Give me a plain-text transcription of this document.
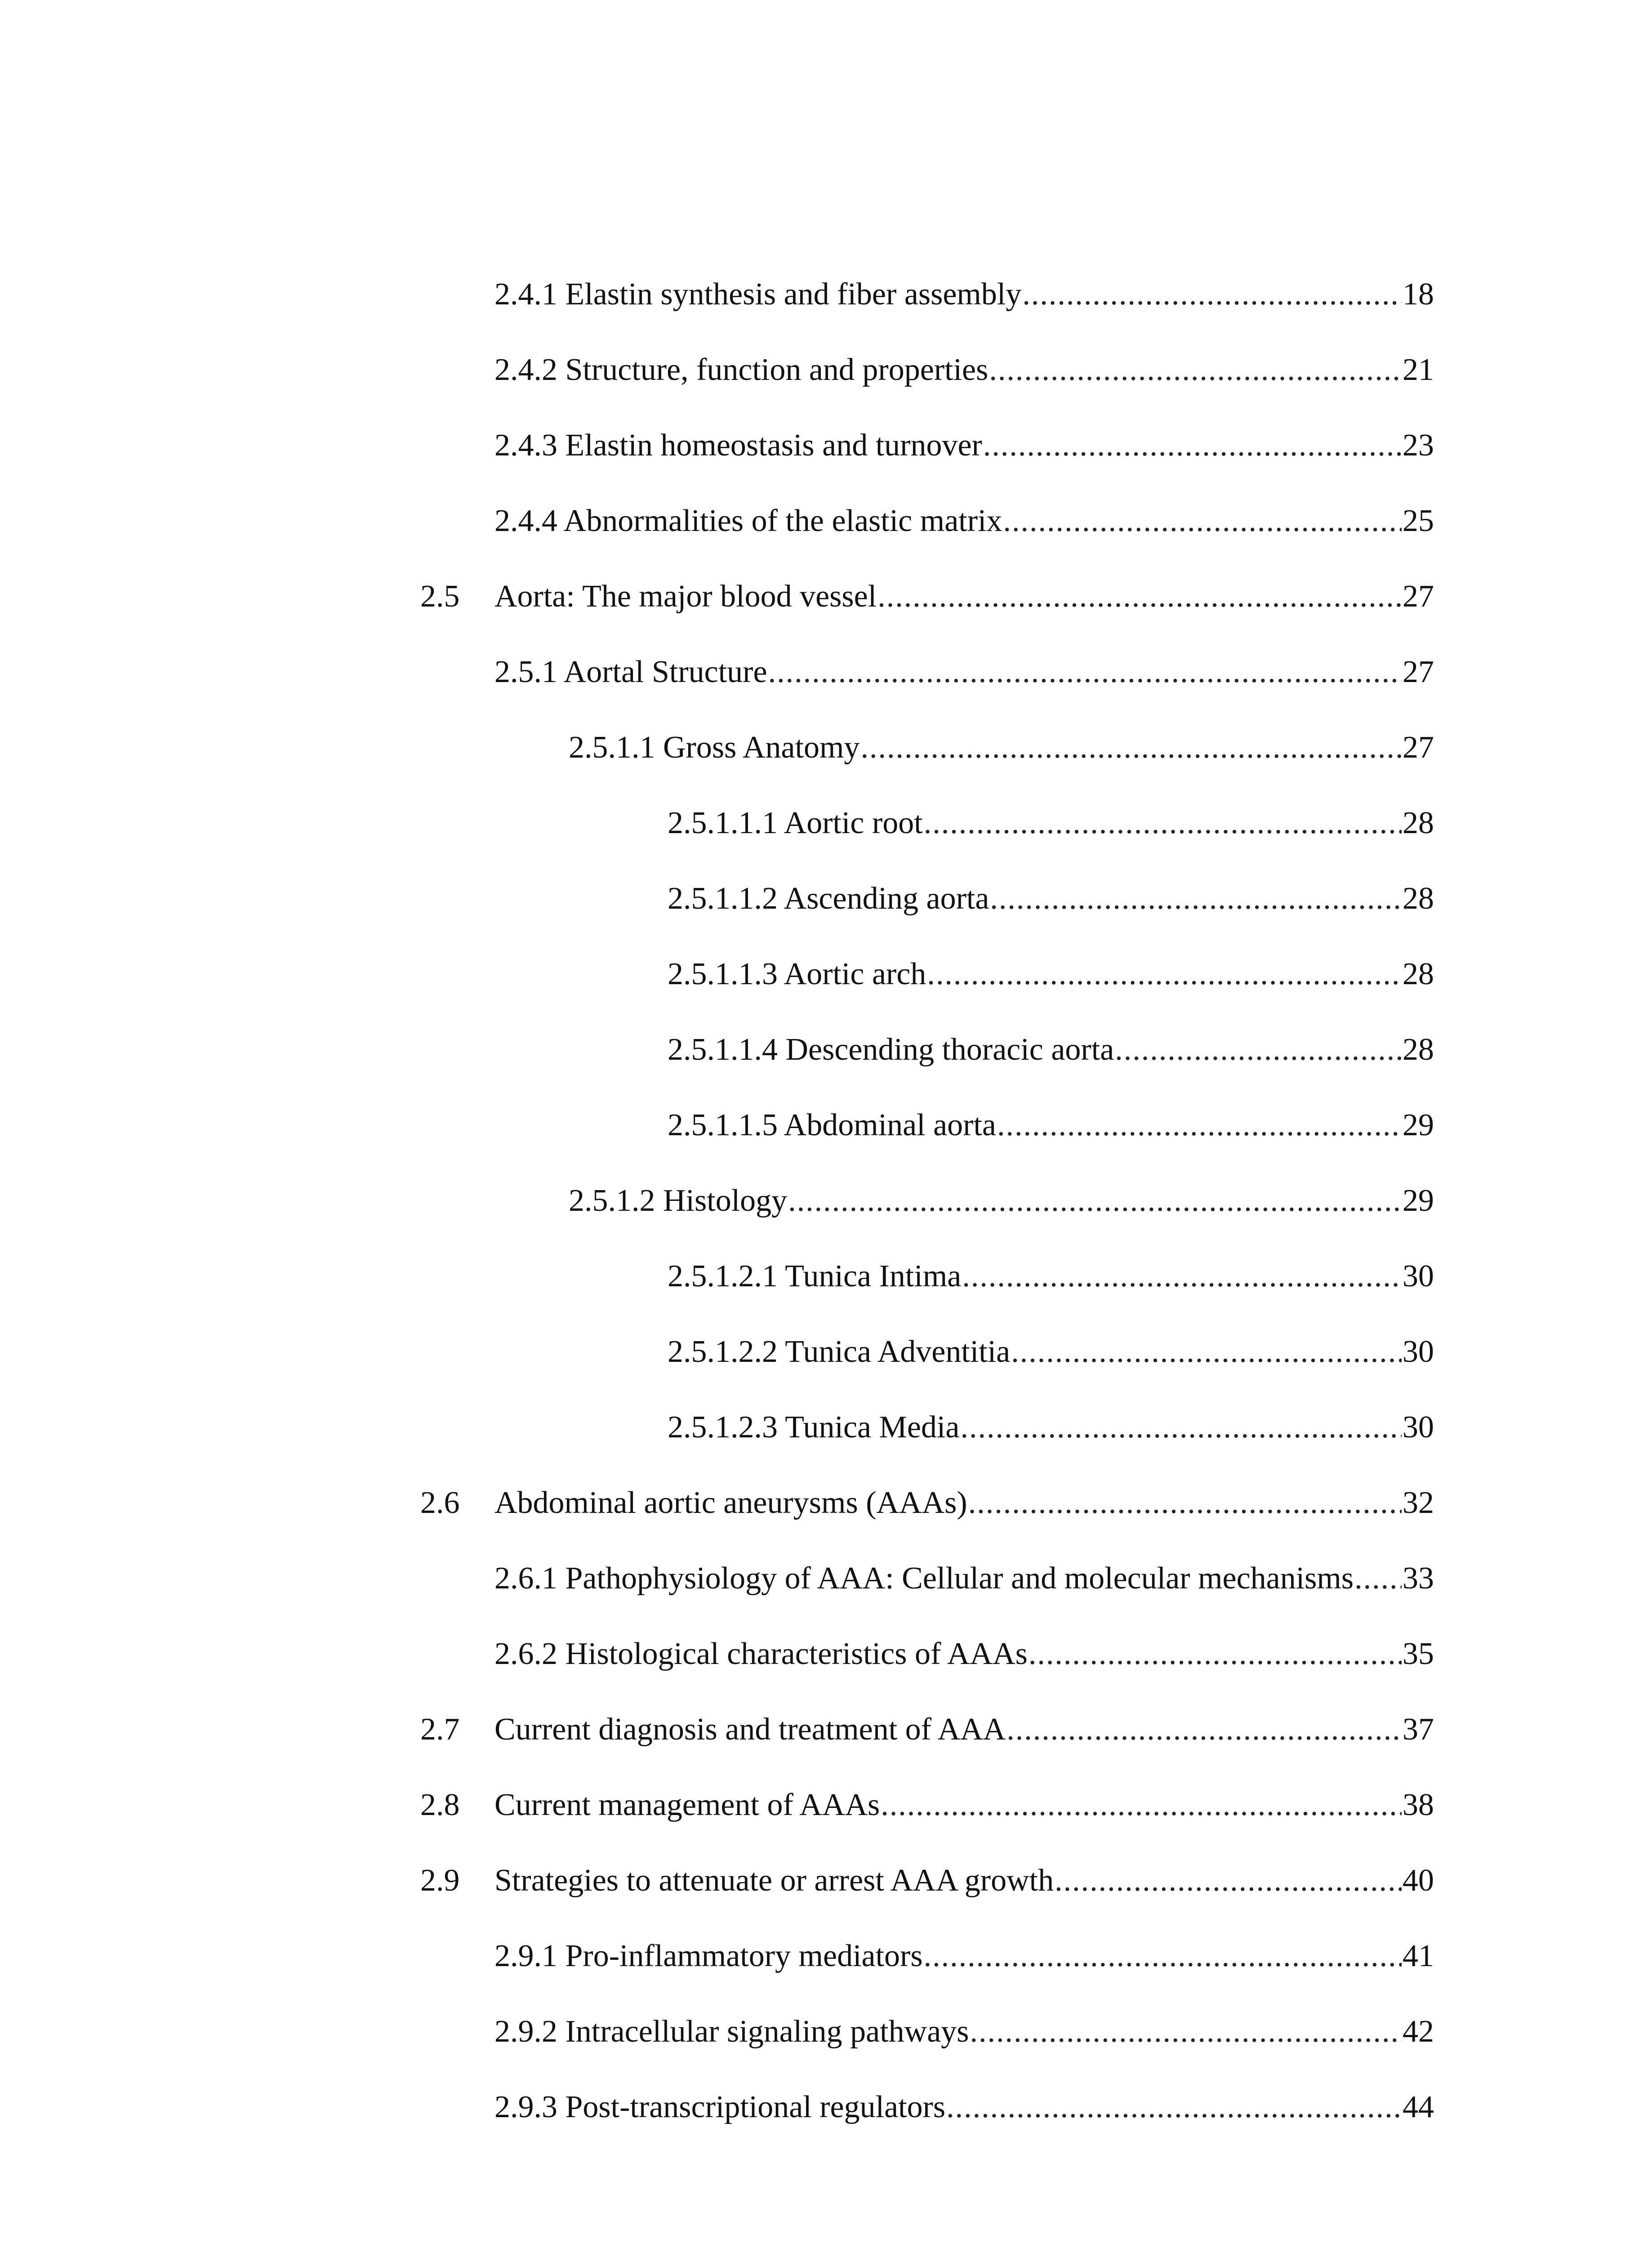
2.4.1 Elastin synthesis and fiber assembly .....	18
2.4.2 Structure, function and properties .....	21
2.4.3 Elastin homeostasis and turnover .....	23
2.4.4 Abnormalities of the elastic matrix .....	25
2.5 Aorta: The major blood vessel .....	27
2.5.1 Aortal Structure .....	27
2.5.1.1 Gross Anatomy .....	27
2.5.1.1.1 Aortic root .....	28
2.5.1.1.2 Ascending aorta .....	28
2.5.1.1.3 Aortic arch .....	28
2.5.1.1.4 Descending thoracic aorta .....	28
2.5.1.1.5 Abdominal aorta .....	29
2.5.1.2 Histology .....	29
2.5.1.2.1 Tunica Intima .....	30
2.5.1.2.2 Tunica Adventitia .....	30
2.5.1.2.3 Tunica Media .....	30
2.6 Abdominal aortic aneurysms (AAAs) .....	32
2.6.1 Pathophysiology of AAA: Cellular and molecular mechanisms ..... 33
2.6.2 Histological characteristics of AAAs .....	35
2.7 Current diagnosis and treatment of AAA .....	37
2.8 Current management of AAAs .....	38
2.9 Strategies to attenuate or arrest AAA growth .....	40
2.9.1 Pro-inflammatory mediators .....	41
2.9.2 Intracellular signaling pathways .....	42
2.9.3 Post-transcriptional regulators .....	44
